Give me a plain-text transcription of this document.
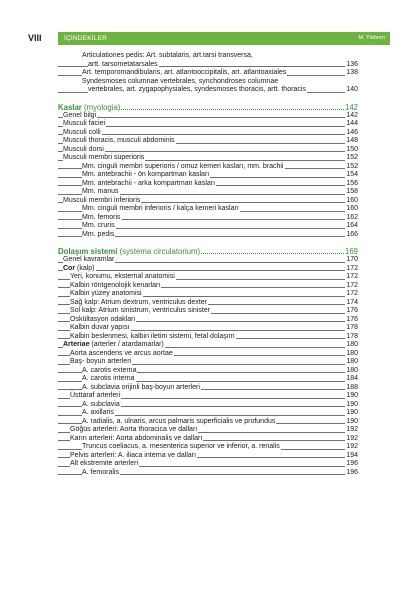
VIII	İÇİNDEKİLER	M. Yıldırım
Articulationes pedis: Art. subtalaris, art.tarsi transversa,
artt. tarsometatarsales	136
Art. temporomandibularis, art. atlantooccipitalis, art. atlantoaxiales	138
Syndesmoses columnae vertebrales, synchondroses columnae
vertebrales, art. zygapophysiales, syndesmoses thoracis, artt. thoracis	140
Kaslar (myologia)	142
Genel bilgi	142
Musculi faciei	144
Musculi colli	146
Musculi thoracis, musculi abdominis	148
Musculi dorsi	150
Musculi membri superioris	152
Mm. cinguli membri superioris / omuz kemeri kasları, mm. brachii	152
Mm. antebrachii - ön kompartman kasları	154
Mm. antebrachii - arka kompartman kasları	156
Mm. manus	158
Musculi membri inferioris	160
Mm. cinguli membri inferioris / kalça kemeri kasları	160
Mm. femoris	162
Mm. cruris	164
Mm. pedis	166
Dolaşım sistemi (systema circulatorium)	169
Genel kavramlar	170
Cor (kalp)	172
Yeri, konumu, eksternal anatomisi	172
Kalbin röntgenolojik kenarları	172
Kalbin yüzey anatomisi	172
Sağ kalp: Atrium dextrum, ventriculus dexter	174
Sol kalp: Atrium sinistrum, ventriculus sinister	176
Oskültasyon odakları	176
Kalbin duvar yapısı	178
Kalbin beslenmesi, kalbin iletim sistemi, fetal dolaşım	178
Arteriae (arterler / atardamarlar)	180
Aorta ascendens ve arcus aortae	180
Baş- boyun arterleri	180
A. carotis externa	180
A. carotis interna	184
A. subclavia orijinli baş-boyun arterleri	188
Üsttaraf arterleri	190
A. subclavia	190
A. axillaris	190
A. radialis, a. ulnaris, arcus palmaris superficialis ve profundus	190
Göğüs arterleri: Aorta thoracica ve dalları	192
Karın arterleri: Aorta abdominalis ve dalları	192
Truncus coeliacus, a. mesenterica superior ve inferior, a. renalis	192
Pelvis arterleri: A. iliaca interna ve dalları	194
Alt ekstremite arterleri	196
A. femoralis	196
